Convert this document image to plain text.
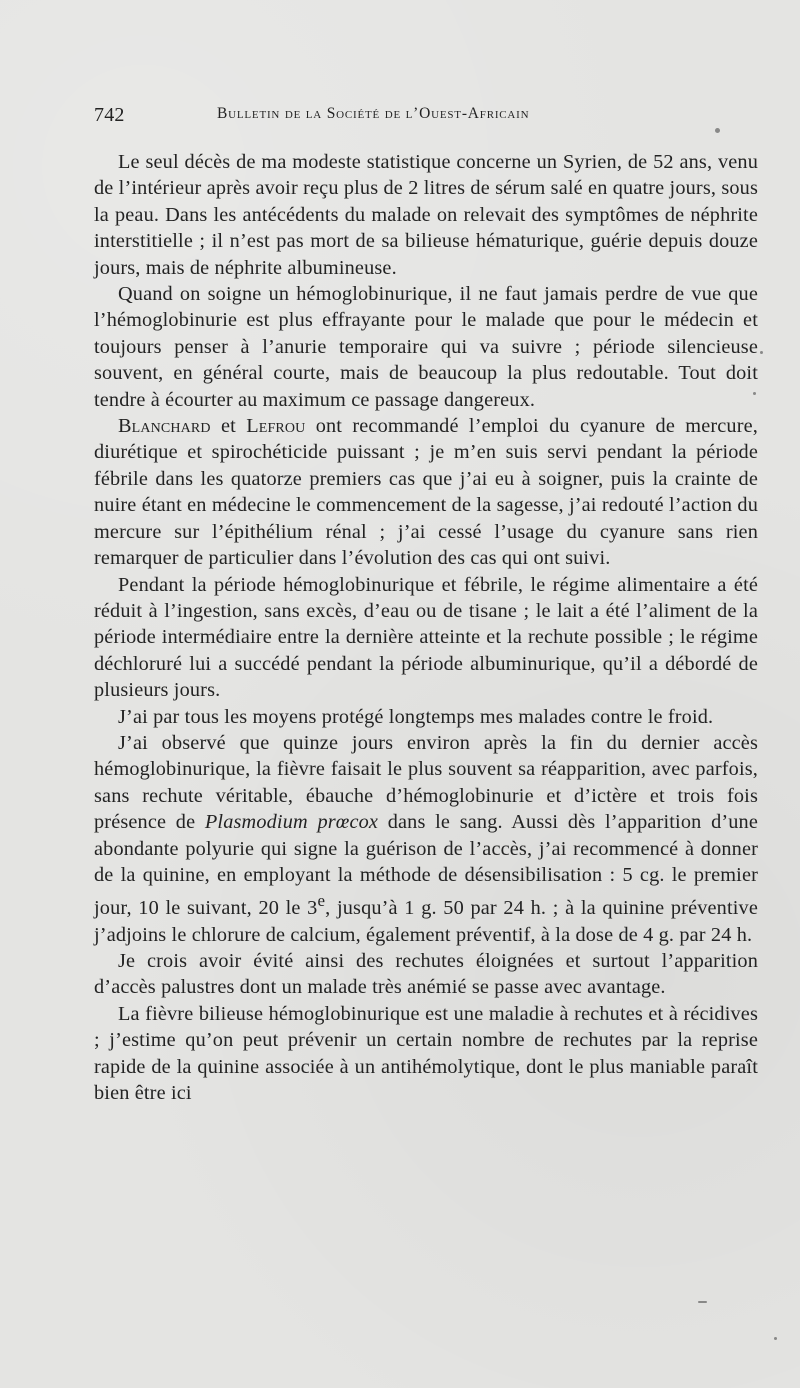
742	Bulletin de la Société de l’Ouest-Africain

Le seul décès de ma modeste statistique concerne un Syrien, de 52 ans, venu de l’intérieur après avoir reçu plus de 2 litres de sérum salé en quatre jours, sous la peau. Dans les antécédents du malade on relevait des symptômes de néphrite interstitielle ; il n’est pas mort de sa bilieuse hématurique, guérie depuis douze jours, mais de néphrite albumineuse.

Quand on soigne un hémoglobinurique, il ne faut jamais perdre de vue que l’hémoglobinurie est plus effrayante pour le malade que pour le médecin et toujours penser à l’anurie temporaire qui va suivre ; période silencieuse souvent, en général courte, mais de beaucoup la plus redoutable. Tout doit tendre à écourter au maximum ce passage dangereux.

Blanchard et Lefrou ont recommandé l’emploi du cyanure de mercure, diurétique et spirochéticide puissant ; je m’en suis servi pendant la période fébrile dans les quatorze premiers cas que j’ai eu à soigner, puis la crainte de nuire étant en médecine le commencement de la sagesse, j’ai redouté l’action du mercure sur l’épithélium rénal ; j’ai cessé l’usage du cyanure sans rien remarquer de particulier dans l’évolution des cas qui ont suivi.

Pendant la période hémoglobinurique et fébrile, le régime alimentaire a été réduit à l’ingestion, sans excès, d’eau ou de tisane ; le lait a été l’aliment de la période intermédiaire entre la dernière atteinte et la rechute possible ; le régime déchloruré lui a succédé pendant la période albuminurique, qu’il a débordé de plusieurs jours.

J’ai par tous les moyens protégé longtemps mes malades contre le froid.

J’ai observé que quinze jours environ après la fin du dernier accès hémoglobinurique, la fièvre faisait le plus souvent sa réapparition, avec parfois, sans rechute véritable, ébauche d’hémoglobinurie et d’ictère et trois fois présence de Plasmodium prœcox dans le sang. Aussi dès l’apparition d’une abondante polyurie qui signe la guérison de l’accès, j’ai recommencé à donner de la quinine, en employant la méthode de désensibilisation : 5 cg. le premier jour, 10 le suivant, 20 le 3e, jusqu’à 1 g. 50 par 24 h. ; à la quinine préventive j’adjoins le chlorure de calcium, également préventif, à la dose de 4 g. par 24 h.

Je crois avoir évité ainsi des rechutes éloignées et surtout l’apparition d’accès palustres dont un malade très anémié se passe avec avantage.

La fièvre bilieuse hémoglobinurique est une maladie à rechutes et à récidives ; j’estime qu’on peut prévenir un certain nombre de rechutes par la reprise rapide de la quinine associée à un antihémolytique, dont le plus maniable paraît bien être ici
